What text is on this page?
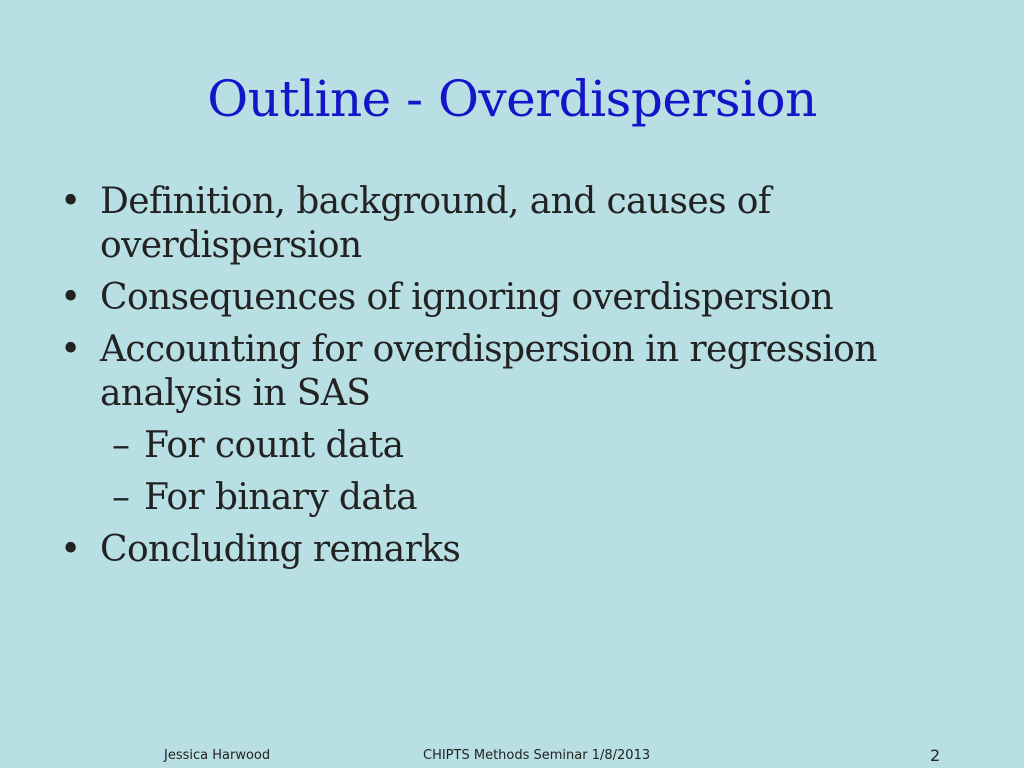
Outline - Overdispersion
• Definition, background, and causes of overdispersion
• Consequences of ignoring overdispersion
• Accounting for overdispersion in regression analysis in SAS
– For count data
– For binary data
• Concluding remarks
Jessica Harwood	CHIPTS Methods Seminar 1/8/2013	2
